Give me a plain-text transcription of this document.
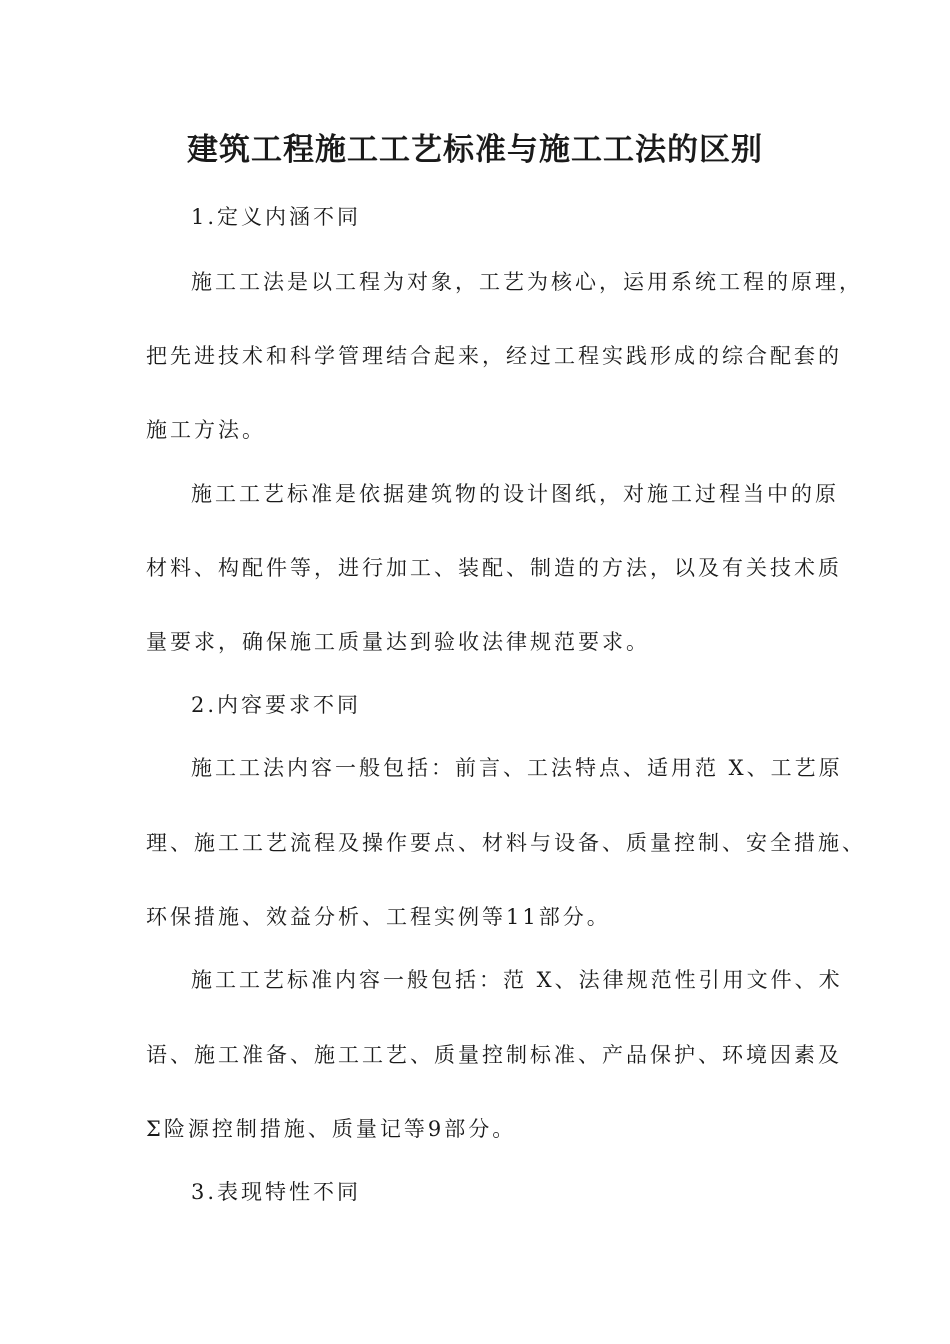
建筑工程施工工艺标准与施工工法的区别
1.定义内涵不同
施工工法是以工程为对象，工艺为核心，运用系统工程的原理，
把先进技术和科学管理结合起来，经过工程实践形成的综合配套的
施工方法。
施工工艺标准是依据建筑物的设计图纸，对施工过程当中的原
材料、构配件等，进行加工、装配、制造的方法，以及有关技术质
量要求，确保施工质量达到验收法律规范要求。
2.内容要求不同
施工工法内容一般包括：前言、工法特点、适用范 X、工艺原
理、施工工艺流程及操作要点、材料与设备、质量控制、安全措施、
环保措施、效益分析、工程实例等11部分。
施工工艺标准内容一般包括：范 X、法律规范性引用文件、术
语、施工准备、施工工艺、质量控制标准、产品保护、环境因素及
Σ险源控制措施、质量记等9部分。
3.表现特性不同
